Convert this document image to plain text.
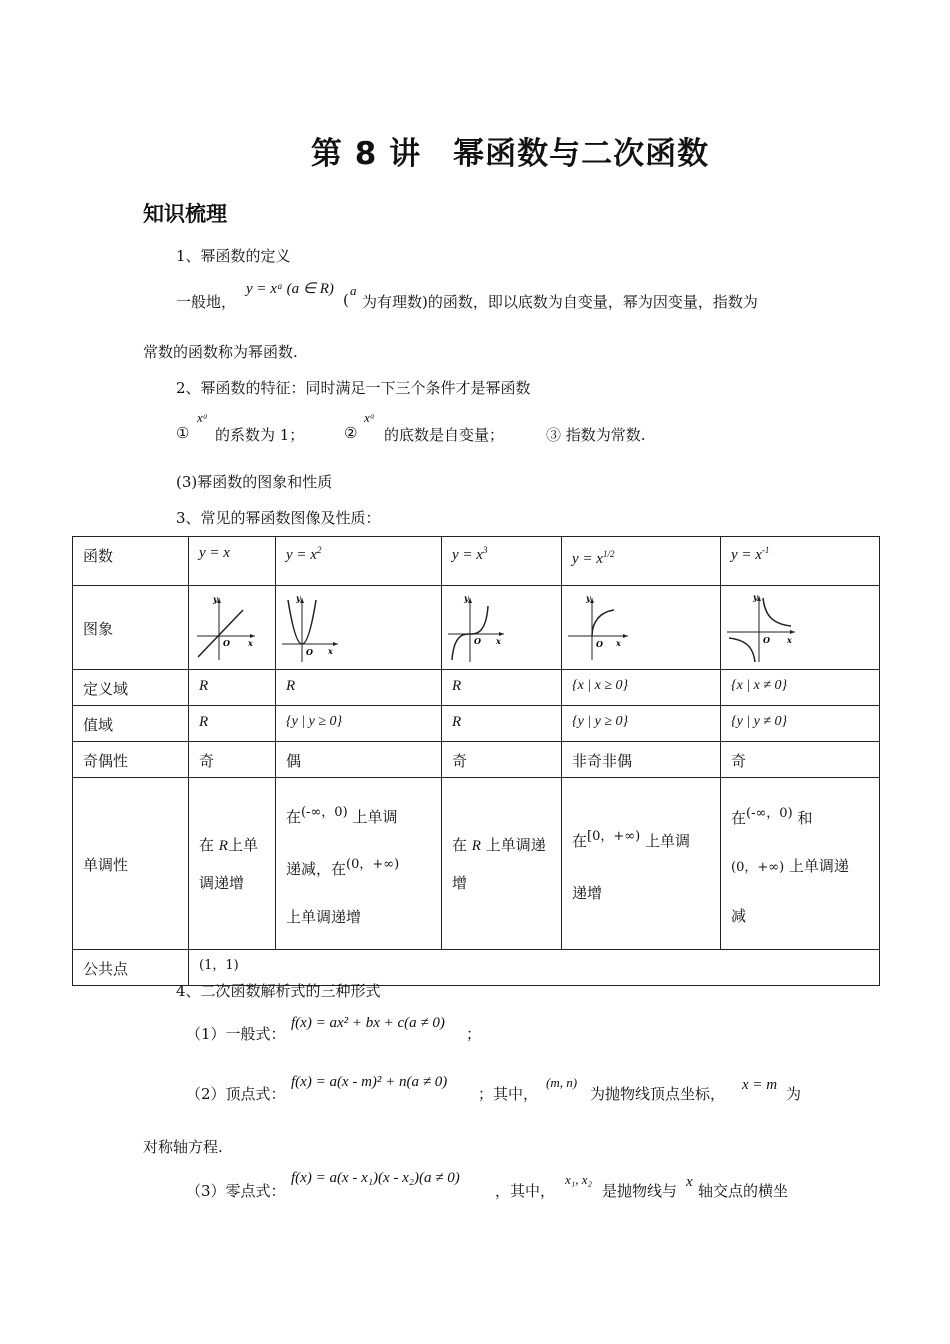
第 8 讲　幂函数与二次函数
知识梳理
1、幂函数的定义
一般地，
y = xᵃ (a ∈ R)
(
a
为有理数)的函数，即以底数为自变量，幂为因变量，指数为
常数的函数称为幂函数.
2、幂函数的特征：同时满足一下三个条件才是幂函数
①
xᵃ
的系数为 1；	②
xᵃ
的底数是自变量；	③ 指数为常数.
(3)幂函数的图象和性质
3、常见的幂函数图像及性质：
函数	y = x	$y = x^2$	$y = x^3$	$y = x^{1/2}$	$y = x^{-1}$
图象	y
x
O	y
x
O	y
x
O	y
x
O	y
x
O

定义域	R	R	R	{x | x ≥ 0}	{x | x ≠ 0}
值域	R	{y | y ≥ 0}	R	{y | y ≥ 0}	{y | y ≠ 0}
奇偶性	奇	偶	奇	非奇非偶	奇
单调性	在 R上单
调递增	在$^{(-\infty,0)}$ 上单调

递减，在$^{(0,+\infty)}$

上单调递增	在 R 上单调递
增	在$^{[0,+\infty)}$ 上单调

递增	在$^{(-\infty,0)}$ 和

(0，+∞) 上单调递

减
公共点	(1，1)				
4、二次函数解析式的三种形式
（1）一般式：
f(x) = ax² + bx + c(a ≠ 0)
；
（2）顶点式：
f(x) = a(x - m)² + n(a ≠ 0)
；其中，
(m, n)
为抛物线顶点坐标， x = m 为
对称轴方程.
（3）零点式：
f(x) = a(x - x₁)(x - x₂)(a ≠ 0)
，其中，
x₁, x₂
是抛物线与 x 轴交点的横坐
